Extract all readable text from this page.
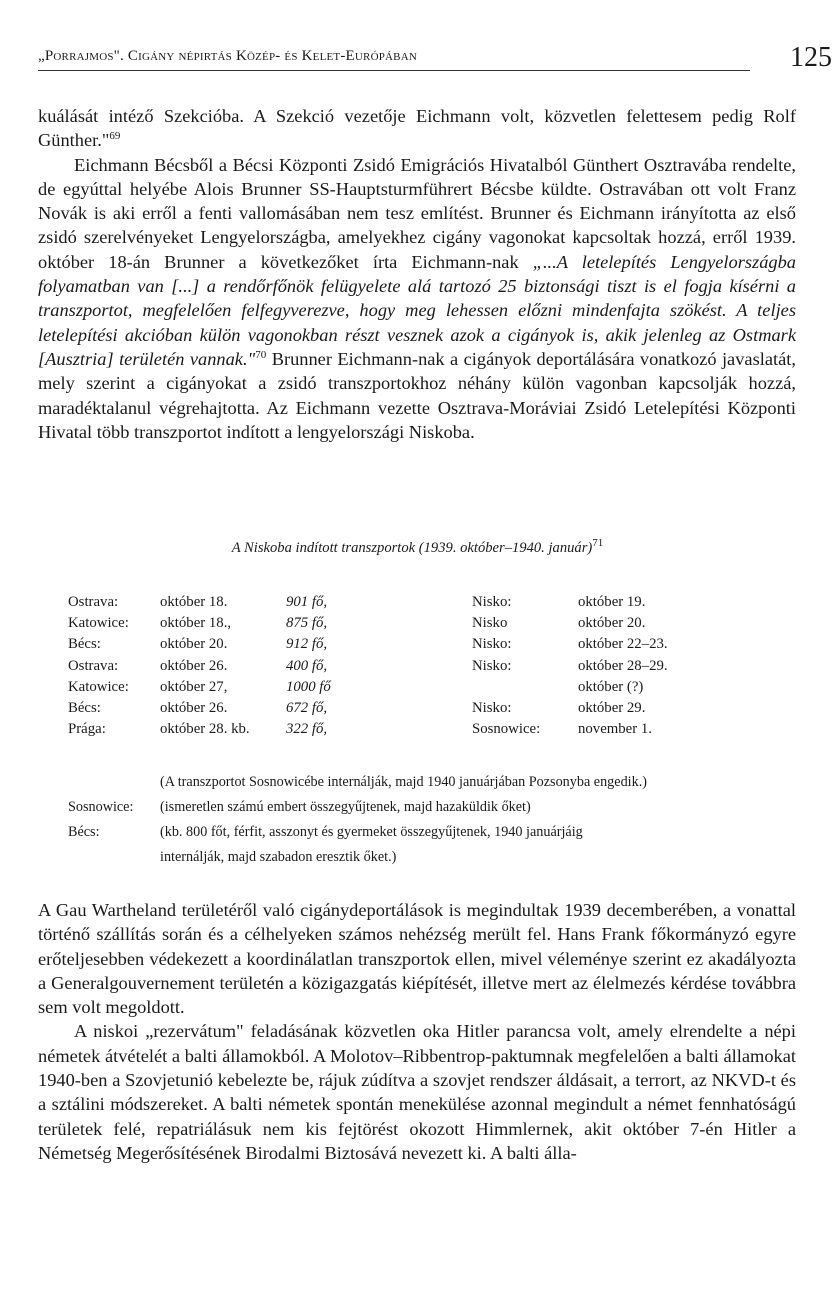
„Porrajmos". Cigány népirtás Közép- és Kelet-Európában	125

kuálását intéző Szekcióba. A Szekció vezetője Eichmann volt, közvetlen felettesem pedig Rolf Günther."$^{69}$

Eichmann Bécsből a Bécsi Központi Zsidó Emigrációs Hivatalból Günthert Osztravába rendelte, de egyúttal helyébe Alois Brunner SS-Hauptsturmführert Bécsbe küldte. Ostravában ott volt Franz Novák is aki erről a fenti vallomásában nem tesz említést. Brunner és Eichmann irányította az első zsidó szerelvényeket Lengyelországba, amelyekhez cigány vagonokat kapcsoltak hozzá, erről 1939. október 18-án Brunner a következőket írta Eichmann-nak „...A letelepítés Lengyelországba folyamatban van [...] a rendőrfőnök felügyelete alá tartozó 25 biztonsági tiszt is el fogja kísérni a transzportot, megfelelően felfegyverezve, hogy meg lehessen előzni mindenfajta szökést. A teljes letelepítési akcióban külön vagonokban részt vesznek azok a cigányok is, akik jelenleg az Ostmark [Ausztria] területén vannak."$^{70}$ Brunner Eichmann-nak a cigányok deportálására vonatkozó javaslatát, mely szerint a cigányokat a zsidó transzportokhoz néhány külön vagonban kapcsolják hozzá, maradéktalanul végrehajtotta. Az Eichmann vezette Osztrava-Moráviai Zsidó Letelepítési Központi Hivatal több transzportot indított a lengyelországi Niskoba.

A Niskoba indított transzportok (1939. október–1940. január)$^{71}$
Ostrava:	október 18.	901 fő,	Nisko:	október 19.
Katowice:	október 18.,	875 fő,	Nisko	október 20.
Bécs:	október 20.	912 fő,	Nisko:	október 22–23.
Ostrava:	október 26.	400 fő,	Nisko:	október 28–29.
Katowice:	október 27,	1000 fő		október (?)
Bécs:	október 26.	672 fő,	Nisko:	október 29.
Prága:	október 28. kb.	322 fő,	Sosnowice:	november 1.
(A transzportot Sosnowicébe internálják, majd 1940 januárjában Pozsonyba engedik.)
Sosnowice:	(ismeretlen számú embert összegyűjtenek, majd hazaküldik őket)
Bécs:	(kb. 800 főt, férfit, asszonyt és gyermeket összegyűjtenek, 1940 januárjáig
internálják, majd szabadon eresztik őket.)

A Gau Wartheland területéről való cigánydeportálások is megindultak 1939 decemberében, a vonattal történő szállítás során és a célhelyeken számos nehézség merült fel. Hans Frank főkormányzó egyre erőteljesebben védekezett a koordinálatlan transzportok ellen, mivel véleménye szerint ez akadályozta a Generalgouvernement területén a közigazgatás kiépítését, illetve mert az élelmezés kérdése továbbra sem volt megoldott.

A niskoi „rezervátum" feladásának közvetlen oka Hitler parancsa volt, amely elrendelte a népi németek átvételét a balti államokból. A Molotov–Ribbentrop-paktumnak megfelelően a balti államokat 1940-ben a Szovjetunió kebelezte be, rájuk zúdítva a szovjet rendszer áldásait, a terrort, az NKVD-t és a sztálini módszereket. A balti németek spontán menekülése azonnal megindult a német fennhatóságú területek felé, repatriálásuk nem kis fejtörést okozott Himmlernek, akit október 7-én Hitler a Németség Megerősítésének Birodalmi Biztosává nevezett ki. A balti álla-
